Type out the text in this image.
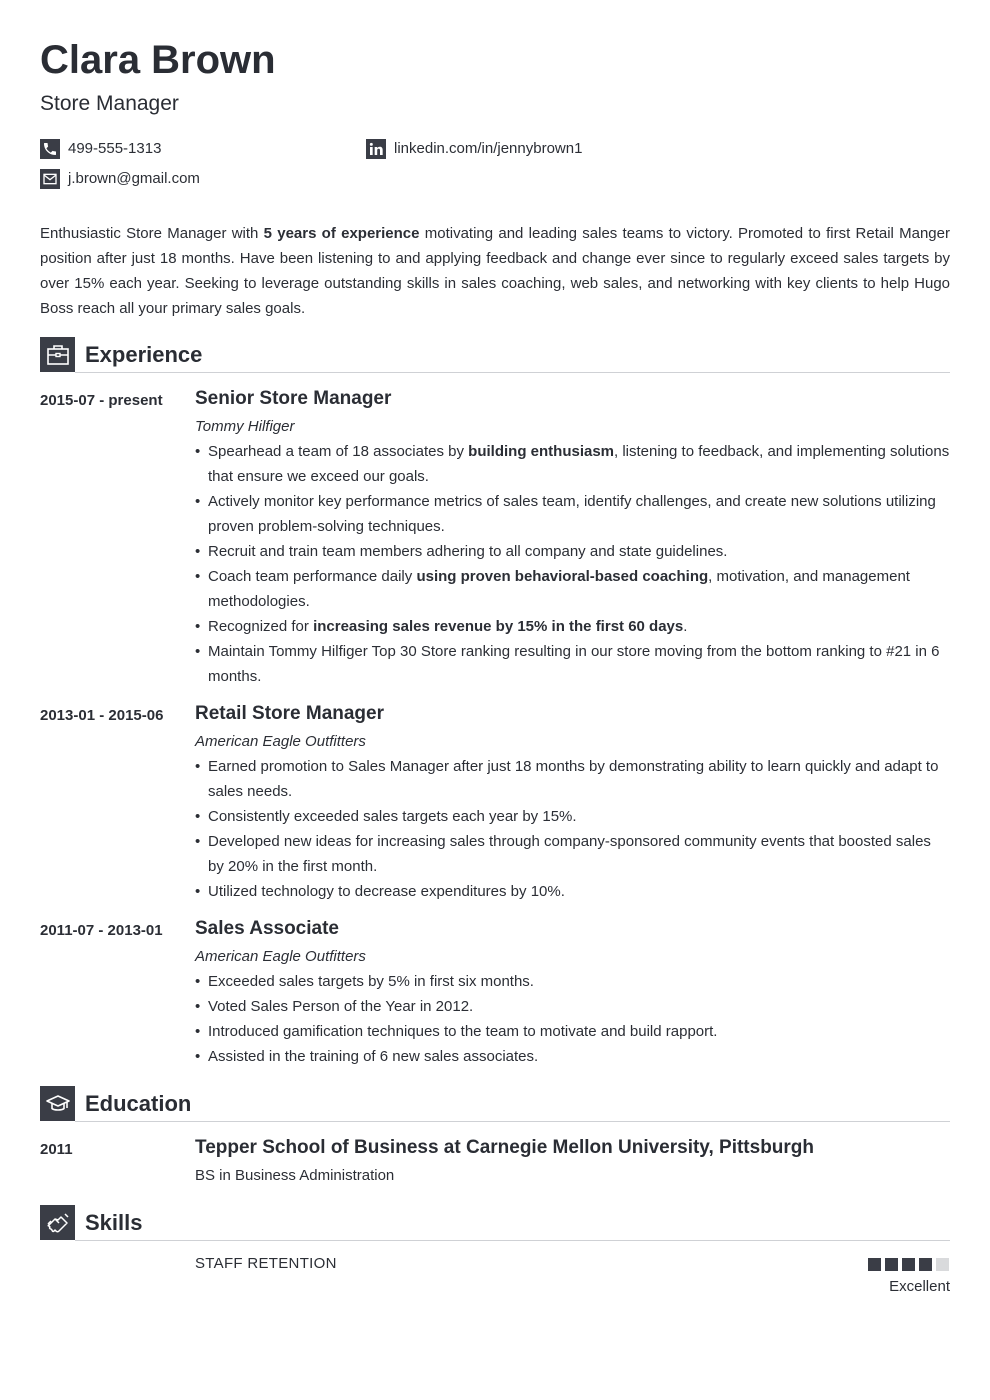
Clara Brown
Store Manager
499-555-1313	linkedin.com/in/jennybrown1
j.brown@gmail.com

Enthusiastic Store Manager with 5 years of experience motivating and leading sales teams to victory. Promoted to first Retail Manger position after just 18 months. Have been listening to and applying feedback and change ever since to regularly exceed sales targets by over 15% each year. Seeking to leverage outstanding skills in sales coaching, web sales, and networking with key clients to help Hugo Boss reach all your primary sales goals.

Experience
2015-07 - present Senior Store Manager
Tommy Hilfiger
• Spearhead a team of 18 associates by building enthusiasm, listening to feedback, and implementing solutions that ensure we exceed our goals.
• Actively monitor key performance metrics of sales team, identify challenges, and create new solutions utilizing proven problem-solving techniques.
• Recruit and train team members adhering to all company and state guidelines.
• Coach team performance daily using proven behavioral-based coaching, motivation, and management methodologies.
• Recognized for increasing sales revenue by 15% in the first 60 days.
• Maintain Tommy Hilfiger Top 30 Store ranking resulting in our store moving from the bottom ranking to #21 in 6 months.
2013-01 - 2015-06 Retail Store Manager
American Eagle Outfitters
• Earned promotion to Sales Manager after just 18 months by demonstrating ability to learn quickly and adapt to sales needs.
• Consistently exceeded sales targets each year by 15%.
• Developed new ideas for increasing sales through company-sponsored community events that boosted sales by 20% in the first month.
• Utilized technology to decrease expenditures by 10%.
2011-07 - 2013-01 Sales Associate
American Eagle Outfitters
• Exceeded sales targets by 5% in first six months.
• Voted Sales Person of the Year in 2012.
• Introduced gamification techniques to the team to motivate and build rapport.
• Assisted in the training of 6 new sales associates.
Education
2011	Tepper School of Business at Carnegie Mellon University, Pittsburgh
BS in Business Administration
Skills
STAFF RETENTION
Excellent
